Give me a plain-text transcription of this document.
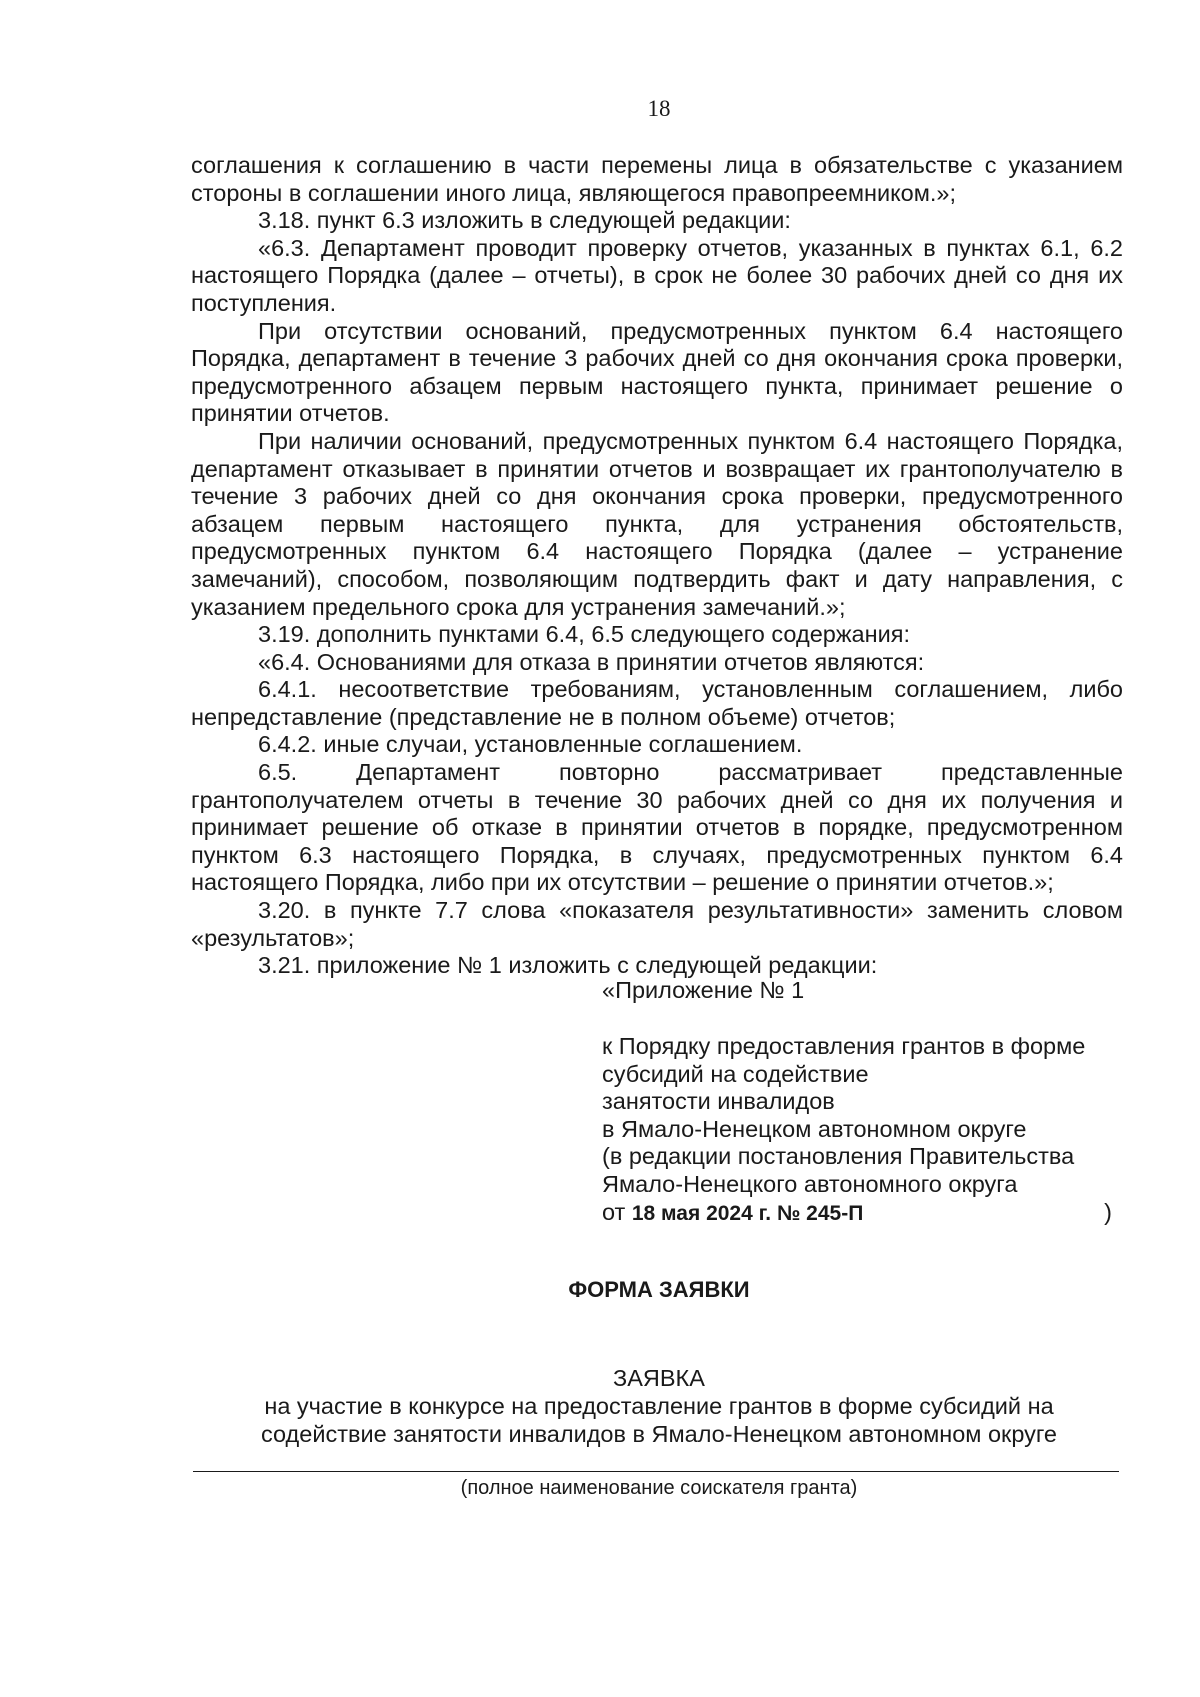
18

соглашения к соглашению в части перемены лица в обязательстве с указанием стороны в соглашении иного лица, являющегося правопреемником.»;

3.18. пункт 6.3 изложить в следующей редакции:

«6.3. Департамент проводит проверку отчетов, указанных в пунктах 6.1, 6.2 настоящего Порядка (далее – отчеты), в срок не более 30 рабочих дней со дня их поступления.

При отсутствии оснований, предусмотренных пунктом 6.4 настоящего Порядка, департамент в течение 3 рабочих дней со дня окончания срока проверки, предусмотренного абзацем первым настоящего пункта, принимает решение о принятии отчетов.

При наличии оснований, предусмотренных пунктом 6.4 настоящего Порядка, департамент отказывает в принятии отчетов и возвращает их грантополучателю в течение 3 рабочих дней со дня окончания срока проверки, предусмотренного абзацем первым настоящего пункта, для устранения обстоятельств, предусмотренных пунктом 6.4 настоящего Порядка (далее – устранение замечаний), способом, позволяющим подтвердить факт и дату направления, с указанием предельного срока для устранения замечаний.»;

3.19. дополнить пунктами 6.4, 6.5 следующего содержания:

«6.4. Основаниями для отказа в принятии отчетов являются:

6.4.1. несоответствие требованиям, установленным соглашением, либо непредставление (представление не в полном объеме) отчетов;

6.4.2. иные случаи, установленные соглашением.

6.5. Департамент повторно рассматривает представленные грантополучателем отчеты в течение 30 рабочих дней со дня их получения и принимает решение об отказе в принятии отчетов в порядке, предусмотренном пунктом 6.3 настоящего Порядка, в случаях, предусмотренных пунктом 6.4 настоящего Порядка, либо при их отсутствии – решение о принятии отчетов.»;

3.20. в пункте 7.7 слова «показателя результативности» заменить словом «результатов»;

3.21. приложение № 1 изложить с следующей редакции:

«Приложение № 1
к Порядку предоставления грантов в форме
субсидий на содействие
занятости инвалидов
в Ямало-Ненецком автономном округе
(в редакции постановления Правительства
Ямало-Ненецкого автономного округа
от 18 мая 2024 г. № 245-П	)
ФОРМА ЗАЯВКИ
ЗАЯВКА
на участие в конкурсе на предоставление грантов в форме субсидий на
содействие занятости инвалидов в Ямало-Ненецком автономном округе
(полное наименование соискателя гранта)
